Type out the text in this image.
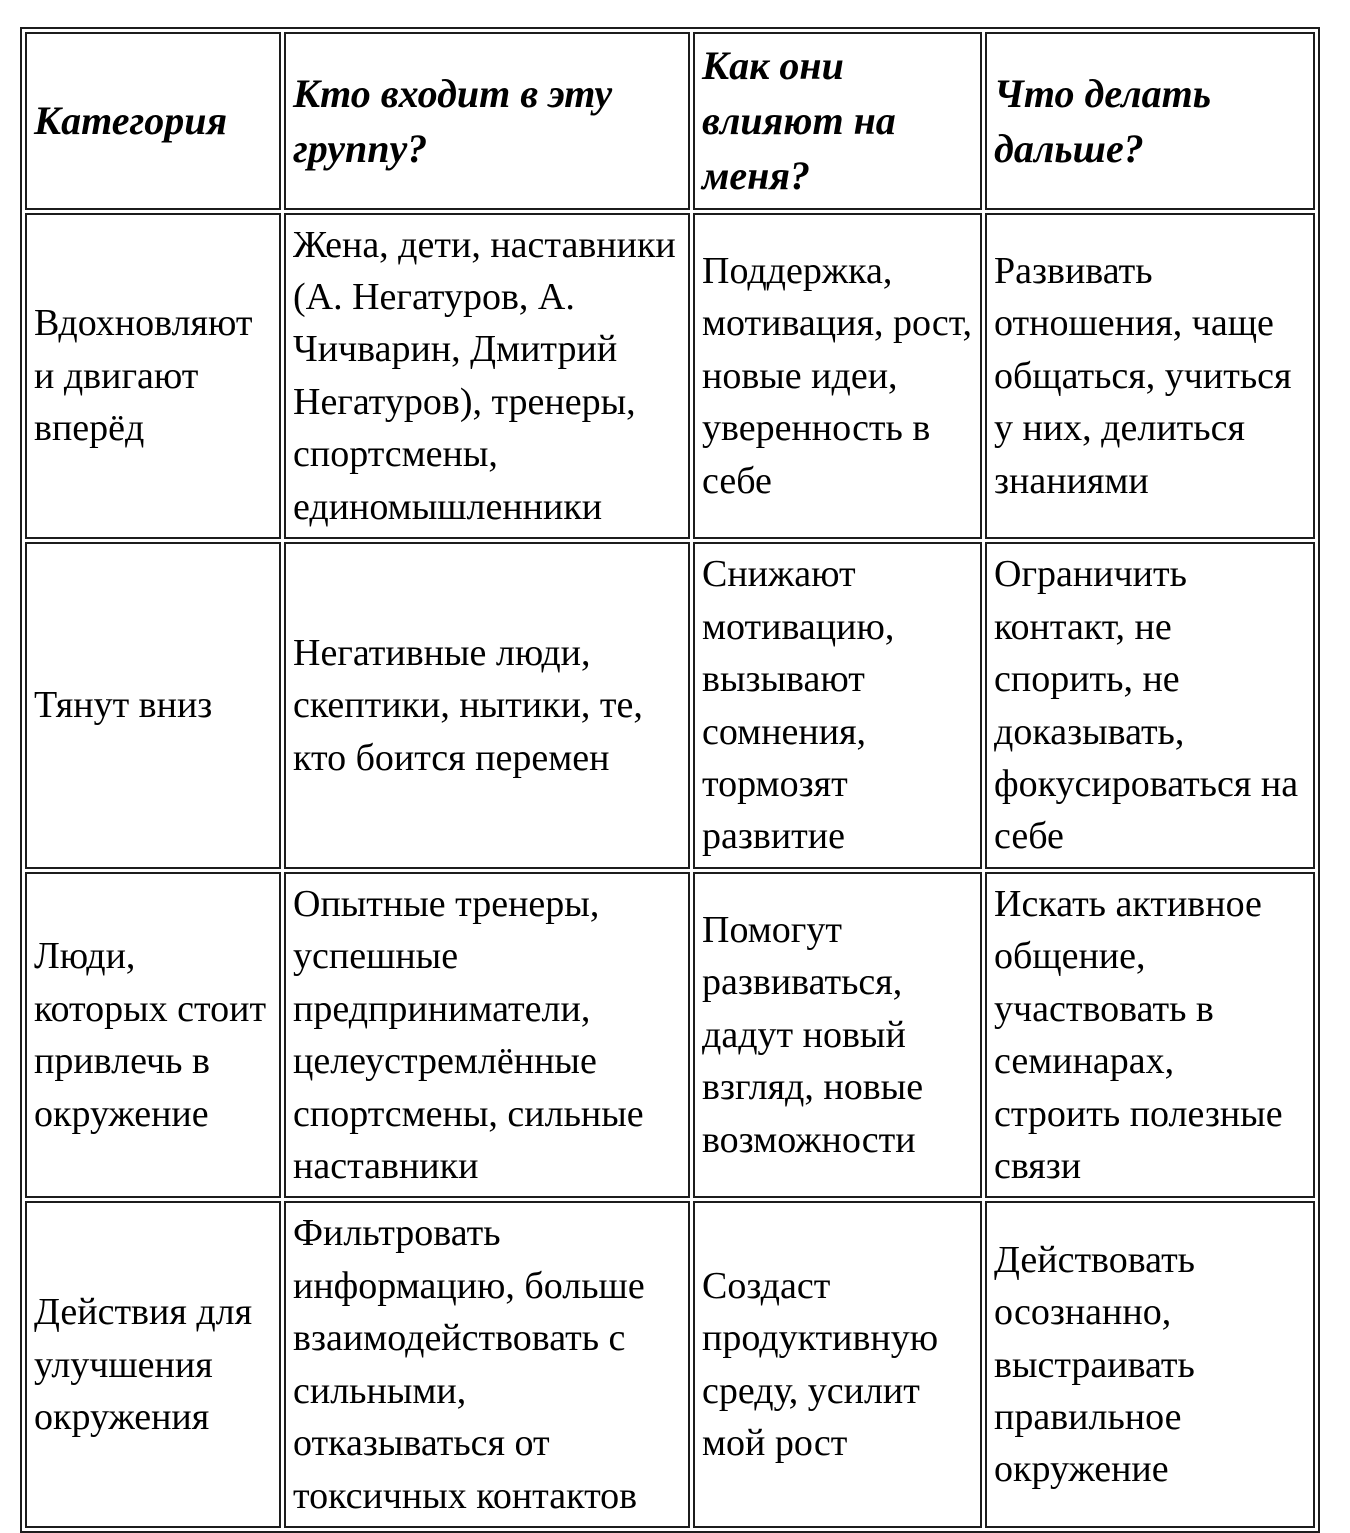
Категория	Кто входит в эту группу?	Как они влияют на меня?	Что делать дальше?
Вдохновляют и двигают вперёд	Жена, дети, наставники (А. Негатуров, А. Чичварин, Дмитрий Негатуров), тренеры, спортсмены, единомышленники	Поддержка, мотивация, рост, новые идеи, уверенность в себе	Развивать отношения, чаще общаться, учиться у них, делиться знаниями
Тянут вниз	Негативные люди, скептики, нытики, те, кто боится перемен	Снижают мотивацию, вызывают сомнения, тормозят развитие	Ограничить контакт, не спорить, не доказывать, фокусироваться на себе
Люди, которых стоит привлечь в окружение	Опытные тренеры, успешные предприниматели, целеустремлённые спортсмены, сильные наставники	Помогут развиваться, дадут новый взгляд, новые возможности	Искать активное общение, участвовать в семинарах, строить полезные связи
Действия для улучшения окружения	Фильтровать информацию, больше взаимодействовать с сильными, отказываться от токсичных контактов	Создаст продуктивную среду, усилит мой рост	Действовать осознанно, выстраивать правильное окружение
